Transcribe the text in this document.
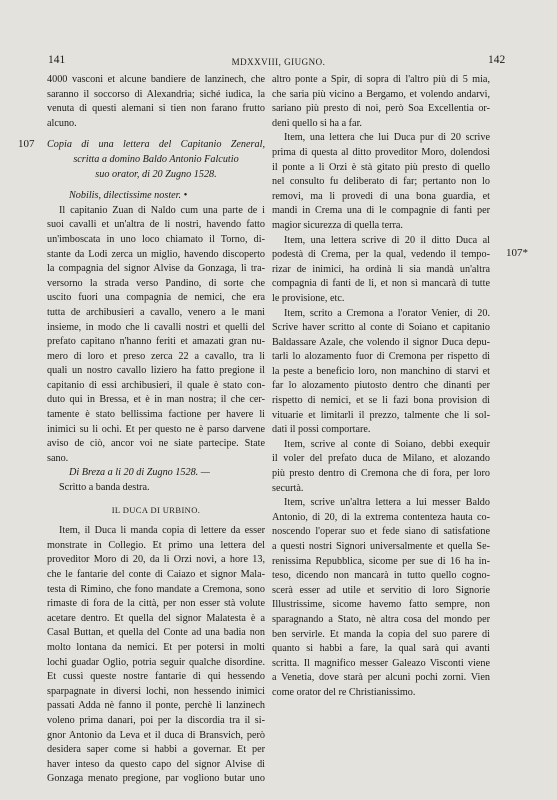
141	MDXXVIII, GIUGNO.	142
107
107*
4000 vasconi et alcune bandiere de lanzinech, che
saranno il soccorso di Alexandria; siché iudica, la
venuta di questi alemani si tien non farano frutto
alcuno.
Copia di una lettera del Capitanio Zeneral,
scritta a domino Baldo Antonio Falcutio
suo orator, di 20 Zugno 1528.
Nobilis, dilectissime noster. •
Il capitanio Zuan di Naldo cum una parte de i
suoi cavalli et un'altra de li nostri, havendo fatto
un'imboscata in uno loco chiamato il Torno, di-
stante da Lodi zerca un miglio, havendo discoperto
la compagnia del signor Alvise da Gonzaga, li tra-
versorno la strada verso Pandino, di sorte che
uscito fuori una compagnia de nemici, che era
tutta de archibusieri a cavallo, venero a le mani
insieme, in modo che li cavalli nostri et quelli del
prefato capitano n'hanno feriti et amazati gran nu-
mero di loro et preso zerca 22 a cavallo, tra li
quali un nostro cavallo liziero ha fatto pregione il
capitanio di essi archibusieri, il quale è stato con-
duto qui in Bressa, et è in man nostra; il che cer-
tamente è stato bellissima factione per havere li
inimici su li ochi. Et per questo ne è parso darvene
aviso de ciò, ancor voi ne siate partecipe. State
sano.
Di Breza a li 20 di Zugno 1528. —
Scritto a banda destra.
IL DUCA DI URBINO.
Item, il Duca li manda copia di lettere da esser
monstrate in Collegio. Et primo una lettera del
proveditor Moro di 20, da li Orzi novi, a hore 13,
che le fantarie del conte di Caiazo et signor Mala-
testa di Rimino, che fono mandate a Cremona, sono
rimaste di fora de la città, per non esser stà volute
acetare dentro. Et quella del signor Malatesta è a
Casal Buttan, et quella del Conte ad una badia non
molto lontana da nemici. Et per potersi in molti
lochi guadar Oglio, potria seguir qualche disordine.
Et cussì queste nostre fantarie di qui hessendo
sparpagnate in diversi lochi, non hessendo inimici
passati Adda nè fanno il ponte, perchè li lanzinech
voleno prima danari, poi per la discordia tra il si-
gnor Antonio da Leva et il duca di Bransvich, però
desidera saper come si habbi a governar. Et per
haver inteso da questo capo del signor Alvise di
Gonzaga menato pregione, par vogliono butar uno
altro ponte a Spir, di sopra di l'altro più di 5 mia,
che saria più vicino a Bergamo, et volendo andarvi,
sariano più presto di noi, però Soa Excellentia or-
deni quello si ha a far.
Item, una lettera che lui Duca pur di 20 scrive
prima di questa al ditto proveditor Moro, dolendosi
il ponte a li Orzi è stà gitato più presto di quello
nel consulto fu deliberato di far; pertanto non lo
removi, ma li provedi di una bona guardia, et
mandi in Crema una di le compagnie di fanti per
magior sicurezza di quella terra.
Item, una lettera scrive di 20 il ditto Duca al
podestà di Crema, per la qual, vedendo il tempo-
rizar de inimici, ha ordinà li sia mandà un'altra
compagnia di fanti de li, et non si mancarà di tutte
le provisione, etc.
Item, scrito a Cremona a l'orator Venier, di 20.
Scrive haver scritto al conte di Soiano et capitanio
Baldassare Azale, che volendo il signor Duca depu-
tarli lo alozamento fuor di Cremona per rispetto di
la peste a beneficio loro, non manchino di starvi et
far lo alozamento piutosto dentro che dinanti per
rispetto di nemici, et se li fazi bona provision di
vituarie et limitarli il prezzo, talmente che li sol-
dati il possi comportare.
Item, scrive al conte di Soiano, debbi exequir
il voler del prefato duca de Milano, et alozando
più presto dentro di Cremona che di fora, per loro
securtà.
Item, scrive un'altra lettera a lui messer Baldo
Antonio, di 20, di la extrema contenteza hauta co-
noscendo l'operar suo et fede siano di satisfatione
a questi nostri Signori universalmente et quella Se-
renissima Repubblica, sicome per sue di 16 ha in-
teso, dicendo non mancarà in tutto quello cogno-
scerà esser ad utile et servitio di loro Signorie
Illustrissime, sicome havemo fatto sempre, non
sparagnando a Stato, nè altra cosa del mondo per
ben servirle. Et manda la copia del suo parere di
quanto si habbi a fare, la qual sarà qui avanti
scritta. Il magnifico messer Galeazo Visconti viene
a Venetia, dove starà per alcuni pochi zorni. Vien
come orator del re Christianissimo.
